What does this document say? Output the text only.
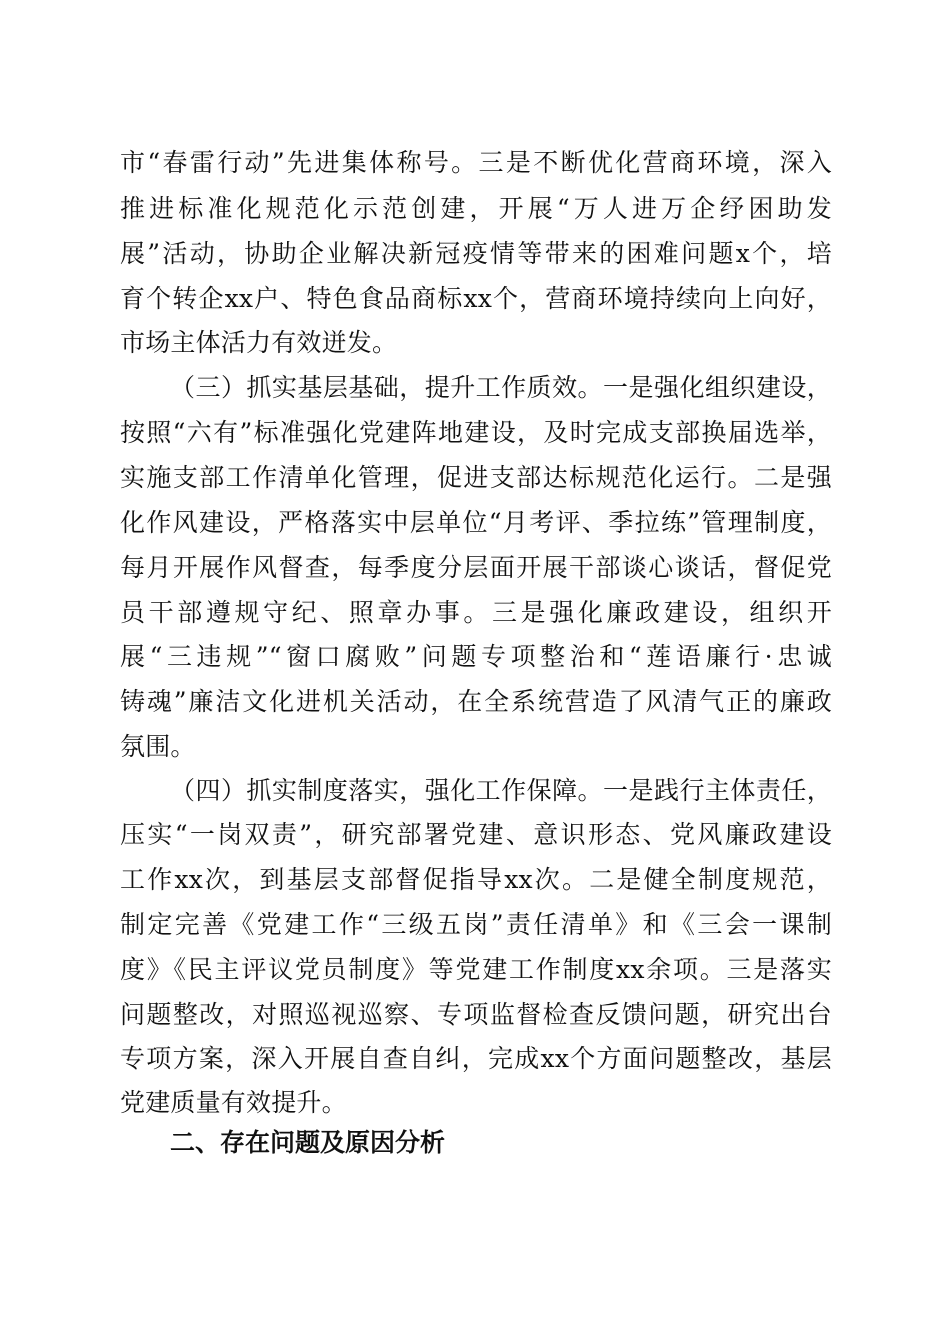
市“春雷行动”先进集体称号。三是不断优化营商环境，深入
推进标准化规范化示范创建，开展“万人进万企纾困助发
展”活动，协助企业解决新冠疫情等带来的困难问题x个，培
育个转企xx户、特色食品商标xx个，营商环境持续向上向好，
市场主体活力有效迸发。
（三）抓实基层基础，提升工作质效。一是强化组织建设，
按照“六有”标准强化党建阵地建设，及时完成支部换届选举，
实施支部工作清单化管理，促进支部达标规范化运行。二是强
化作风建设，严格落实中层单位“月考评、季拉练”管理制度，
每月开展作风督查，每季度分层面开展干部谈心谈话，督促党
员干部遵规守纪、照章办事。三是强化廉政建设，组织开
展“三违规”“窗口腐败”问题专项整治和“莲语廉行·忠诚
铸魂”廉洁文化进机关活动，在全系统营造了风清气正的廉政
氛围。
（四）抓实制度落实，强化工作保障。一是践行主体责任，
压实“一岗双责”，研究部署党建、意识形态、党风廉政建设
工作xx次，到基层支部督促指导xx次。二是健全制度规范，
制定完善《党建工作“三级五岗”责任清单》和《三会一课制
度》《民主评议党员制度》等党建工作制度xx余项。三是落实
问题整改，对照巡视巡察、专项监督检查反馈问题，研究出台
专项方案，深入开展自查自纠，完成xx个方面问题整改，基层
党建质量有效提升。
二、存在问题及原因分析
